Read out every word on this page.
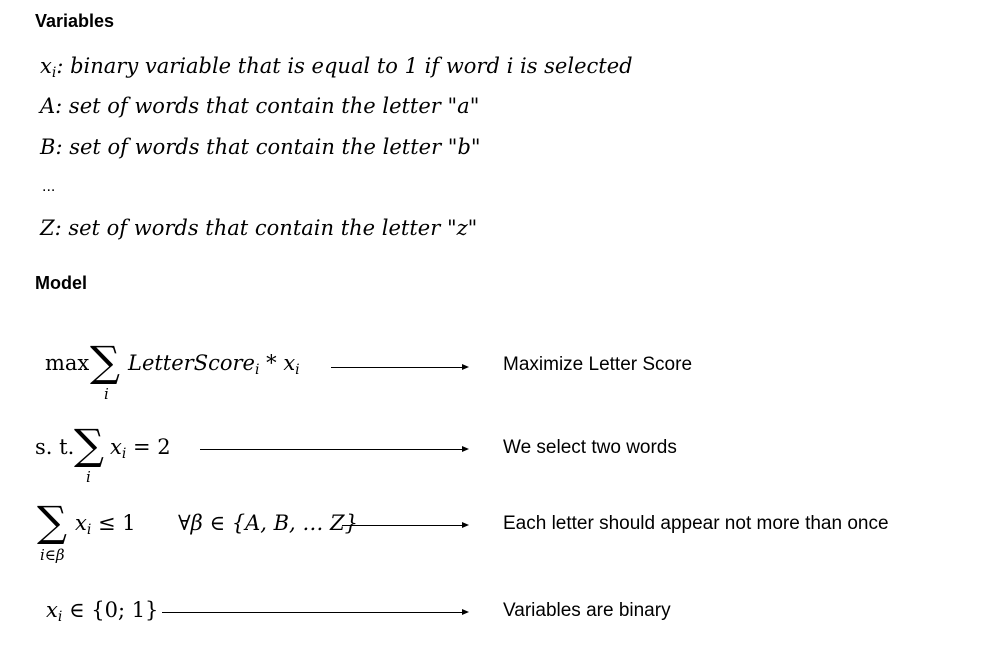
Variables
Model
$x_i$: binary variable that is equal to 1 if word i is selected
A: set of words that contain the letter "a"
B: set of words that contain the letter "b"
...
Z: set of words that contain the letter "z"
max ∑
i
LetterScore$_i$ * $x_i$	Maximize Letter Score
s. t. ∑
i
$x_i = 2$	We select two words
∑
i∈β
$x_i \le 1$ ∀β ∈ {A, B, … Z}	Each letter should appear not more than once
$x_i$ ∈ {0; 1}	Variables are binary
